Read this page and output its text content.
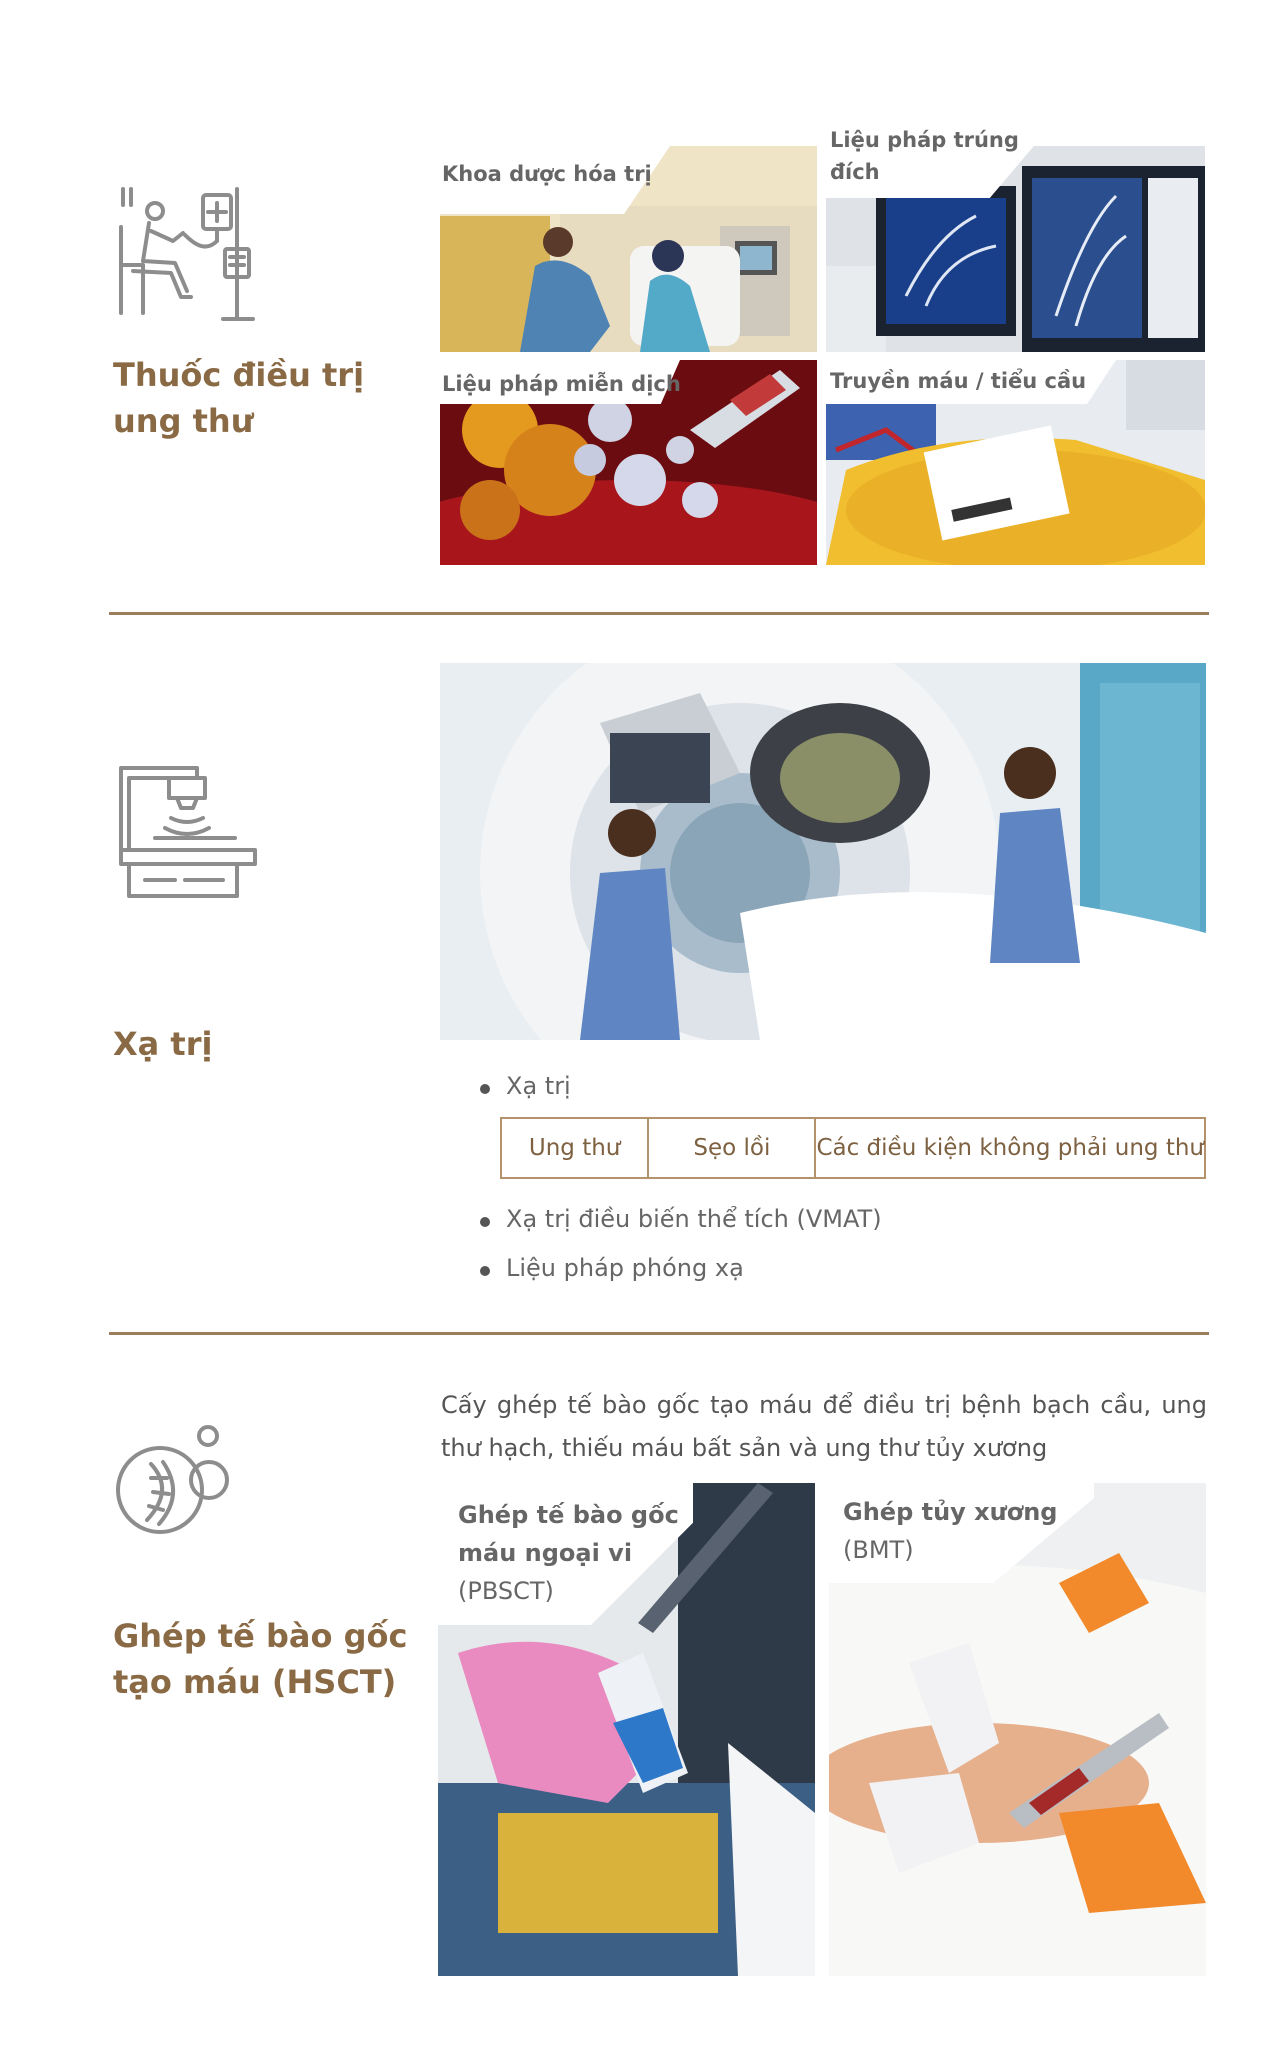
Thuốc điều trị
ung thư
Khoa dược hóa trị
Liệu pháp trúng
đích
Liệu pháp miễn dịch	Truyền máu / tiểu cầu
Xạ trị
Xạ trị
Ung thư	Sẹo lồi	Các điều kiện không phải ung thư
Xạ trị điều biến thể tích (VMAT)
Liệu pháp phóng xạ
Ghép tế bào gốc
tạo máu (HSCT)
Cấy ghép tế bào gốc tạo máu để điều trị bệnh bạch cầu, ung thư hạch, thiếu máu bất sản và ung thư tủy xương
Ghép tế bào gốc
máu ngoại vi
(PBSCT)
Ghép tủy xương
(BMT)
